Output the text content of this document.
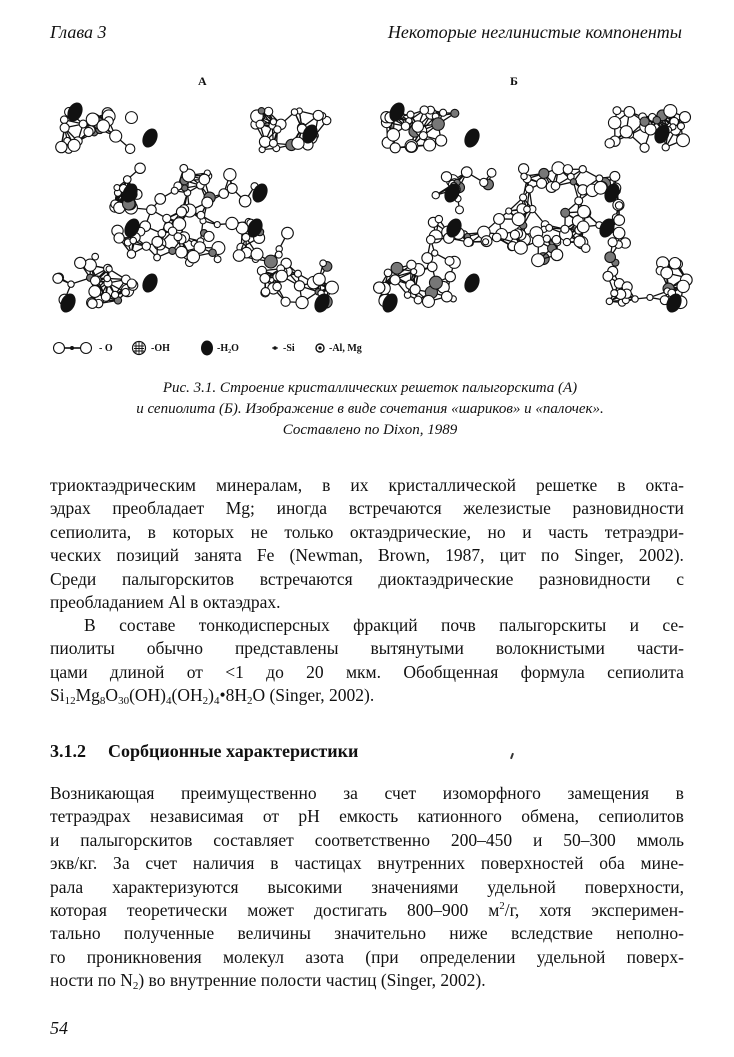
Глава 3	Некоторые неглинистые компоненты
А	Б
- O	-OH	-H₂O	-Si	-Al, Mg
Рис. 3.1. Строение кристаллических решеток палыгорскита (А)
и сепиолита (Б). Изображение в виде сочетания «шариков» и «палочек».
Составлено по Dixon, 1989
триоктаэдрическим минералам, в их кристаллической решетке в окта-
эдрах преобладает Mg; иногда встречаются железистые разновидности
сепиолита, в которых не только октаэдрические, но и часть тетраэдри-
ческих позиций занята Fe (Newman, Brown, 1987, цит по Singer, 2002).
Среди палыгорскитов встречаются диоктаэдрические разновидности с
преобладанием Al в октаэдрах.
В составе тонкодисперсных фракций почв палыгорскиты и се-
пиолиты обычно представлены вытянутыми волокнистыми части-
цами длиной от <1 до 20 мкм. Обобщенная формула сепиолита
$Si_{12}Mg_8O_{30}(OH)_4(OH_2)_4•8H_2O$ (Singer, 2002).
3.1.2 Сорбционные характеристики
Возникающая преимущественно за счет изоморфного замещения в
тетраэдрах независимая от pH емкость катионного обмена, сепиолитов
и палыгорскитов составляет соответственно 200–450 и 50–300 ммоль
экв/кг. За счет наличия в частицах внутренних поверхностей оба мине-
рала характеризуются высокими значениями удельной поверхности,
которая теоретически может достигать 800–900 $м^2/г$, хотя эксперимен-
тально полученные величины значительно ниже вследствие неполно-
го проникновения молекул азота (при определении удельной поверх-
ности по $N_2$) во внутренние полости частиц (Singer, 2002).
54
